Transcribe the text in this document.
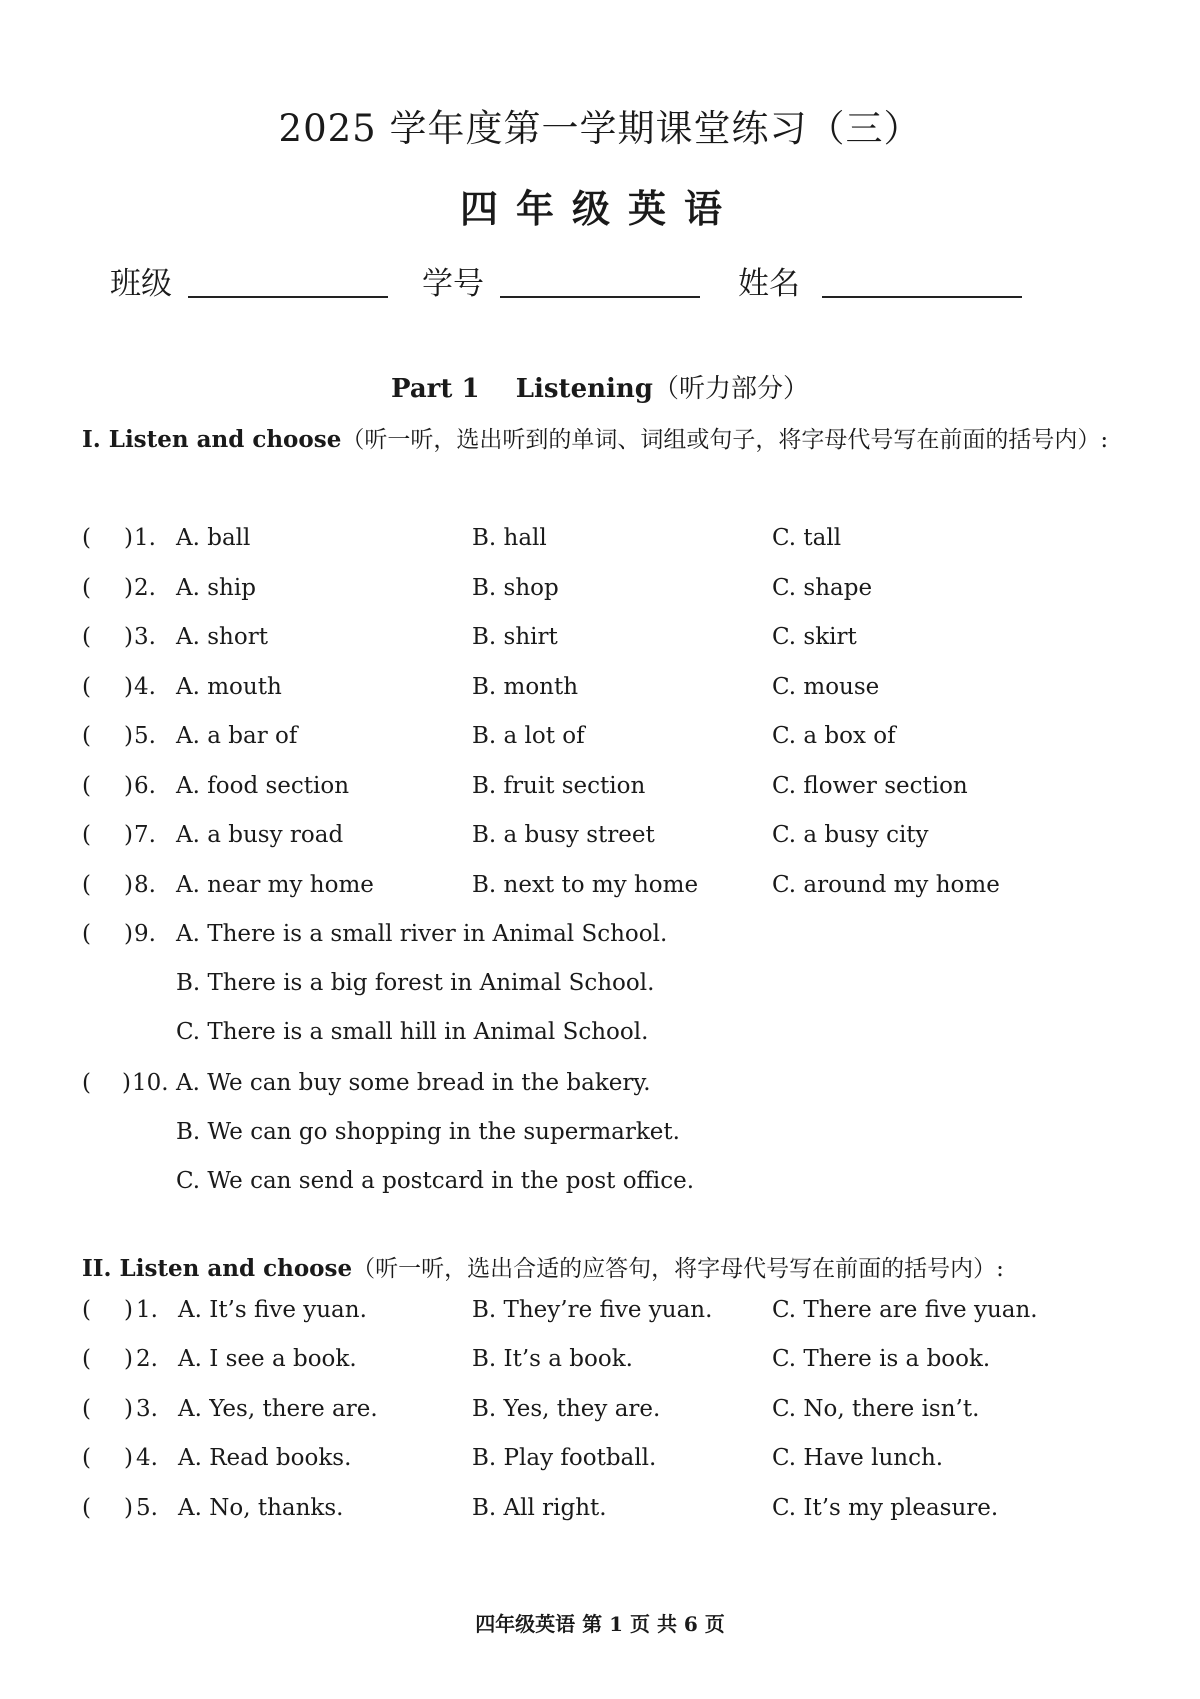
2025 学年度第一学期课堂练习（三）
四年级英语
班级	学号	姓名
Part 1 Listening（听力部分）
I. Listen and choose（听一听，选出听到的单词、词组或句子，将字母代号写在前面的括号内）:
( ) 1. A. ball	B. hall	C. tall
( ) 2. A. ship	B. shop	C. shape
( ) 3. A. short	B. shirt	C. skirt
( ) 4. A. mouth	B. month	C. mouse
( ) 5. A. a bar of	B. a lot of	C. a box of
( ) 6. A. food section	B. fruit section	C. flower section
( ) 7. A. a busy road	B. a busy street	C. a busy city
( ) 8. A. near my home	B. next to my home	C. around my home
( ) 9. A. There is a small river in Animal School.
B. There is a big forest in Animal School.
C. There is a small hill in Animal School.
( ) 10. A. We can buy some bread in the bakery.
B. We can go shopping in the supermarket.
C. We can send a postcard in the post office.
II. Listen and choose（听一听，选出合适的应答句，将字母代号写在前面的括号内）:
( ) 1. A. It’s five yuan.	B. They’re five yuan.	C. There are five yuan.
( ) 2. A. I see a book.	B. It’s a book.	C. There is a book.
( ) 3. A. Yes, there are.	B. Yes, they are.	C. No, there isn’t.
( ) 4. A. Read books.	B. Play football.	C. Have lunch.
( ) 5. A. No, thanks.	B. All right.	C. It’s my pleasure.
四年级英语 第 1 页 共 6 页
